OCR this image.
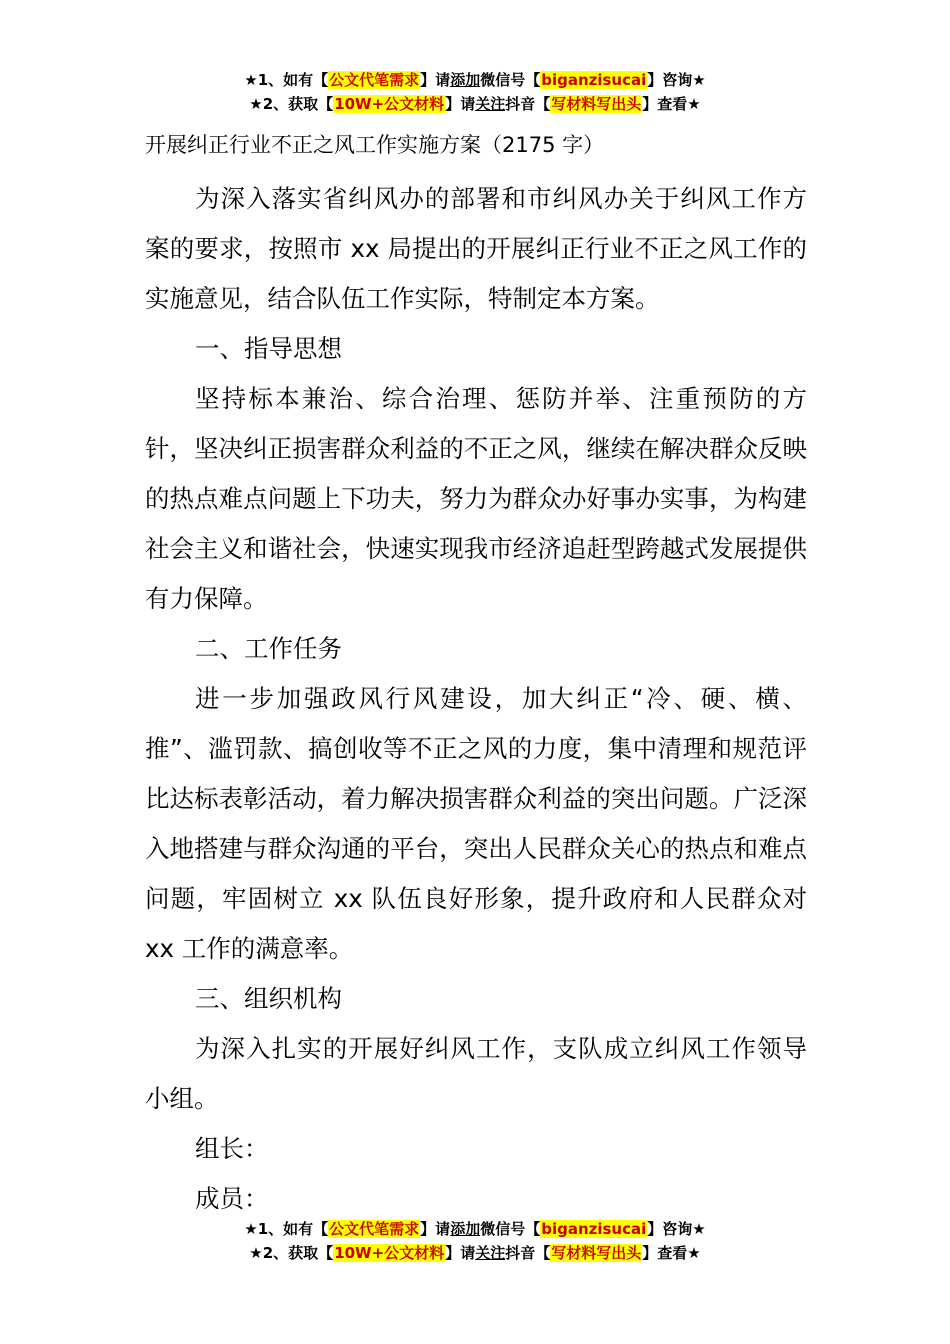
★1、如有【公文代笔需求】请添加微信号【biganzisucai】咨询★
★2、获取【10W+公文材料】请关注抖音【写材料写出头】查看★
开展纠正行业不正之风工作实施方案（2175 字）

为深入落实省纠风办的部署和市纠风办关于纠风工作方案的要求，按照市 xx 局提出的开展纠正行业不正之风工作的实施意见，结合队伍工作实际，特制定本方案。

一、指导思想

坚持标本兼治、综合治理、惩防并举、注重预防的方针，坚决纠正损害群众利益的不正之风，继续在解决群众反映的热点难点问题上下功夫，努力为群众办好事办实事，为构建社会主义和谐社会，快速实现我市经济追赶型跨越式发展提供有力保障。

二、工作任务

进一步加强政风行风建设，加大纠正“冷、硬、横、推”、滥罚款、搞创收等不正之风的力度，集中清理和规范评比达标表彰活动，着力解决损害群众利益的突出问题。广泛深入地搭建与群众沟通的平台，突出人民群众关心的热点和难点问题，牢固树立 xx 队伍良好形象，提升政府和人民群众对 xx 工作的满意率。

三、组织机构

为深入扎实的开展好纠风工作，支队成立纠风工作领导小组。

组长：
成员：
★1、如有【公文代笔需求】请添加微信号【biganzisucai】咨询★
★2、获取【10W+公文材料】请关注抖音【写材料写出头】查看★
